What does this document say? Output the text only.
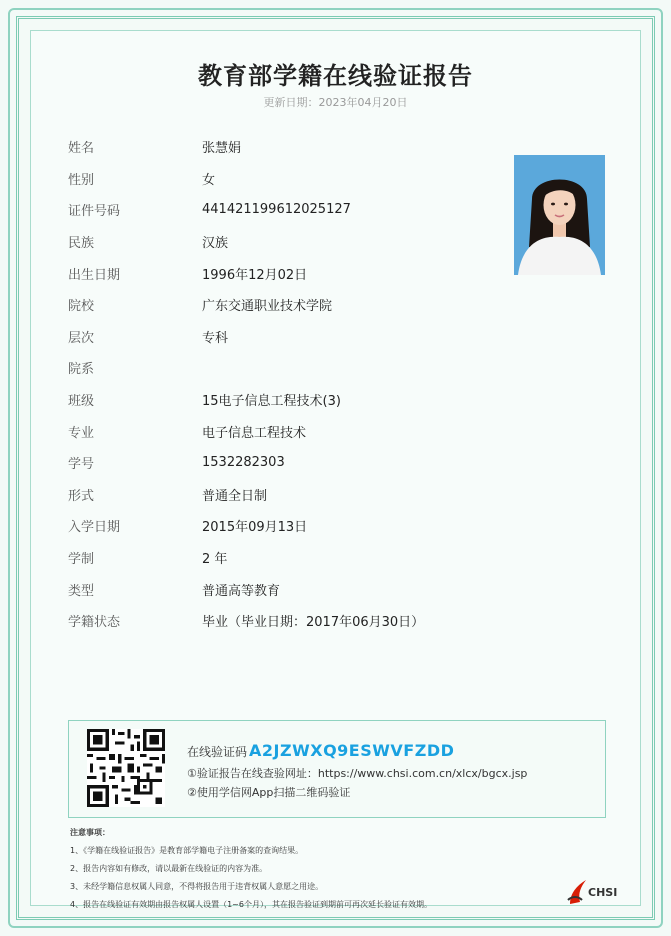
教育部学籍在线验证报告
更新日期：2023年04月20日
姓名	张慧娟
性别	女
证件号码	441421199612025127
民族	汉族
出生日期	1996年12月02日
院校	广东交通职业技术学院
层次	专科
院系
班级	15电子信息工程技术(3)
专业	电子信息工程技术
学号	1532282303
形式	普通全日制
入学日期	2015年09月13日
学制	2 年
类型	普通高等教育
学籍状态	毕业（毕业日期：2017年06月30日）
在线验证码 A2JZWXQ9ESWVFZDD
①验证报告在线查验网址：https://www.chsi.com.cn/xlcx/bgcx.jsp
②使用学信网App扫描二维码验证
注意事项：
1、《学籍在线验证报告》是教育部学籍电子注册备案的查询结果。
2、报告内容如有修改，请以最新在线验证的内容为准。
3、未经学籍信息权属人同意，不得将报告用于违背权属人意愿之用途。
4、报告在线验证有效期由报告权属人设置（1~6个月），其在报告验证到期前可再次延长验证有效期。
CHSI
